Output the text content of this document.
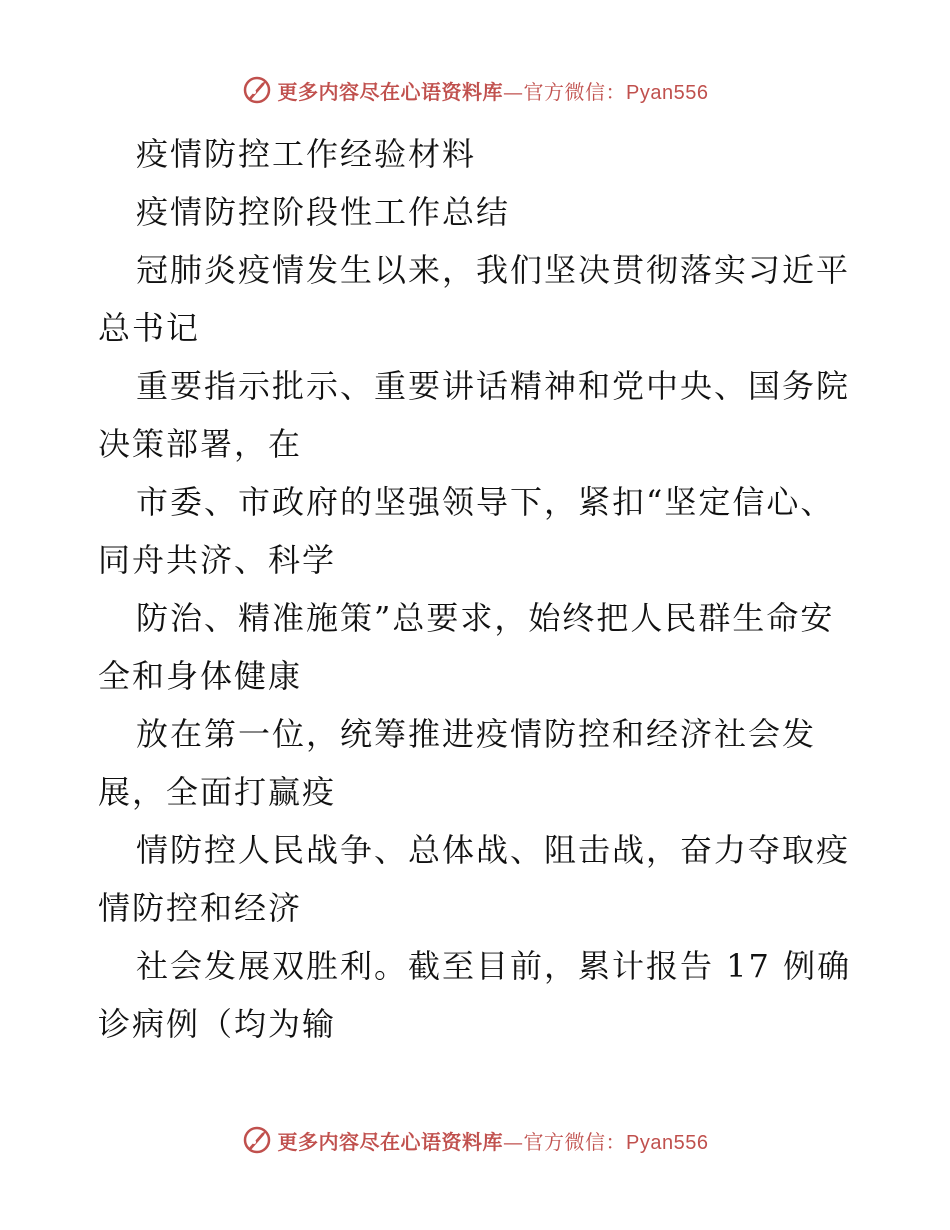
更多内容尽在心语资料库 — 官方微信： Pyan556

疫情防控工作经验材料

疫情防控阶段性工作总结

冠肺炎疫情发生以来，我们坚决贯彻落实习近平总书记

重要指示批示、重要讲话精神和党中央、国务院决策部署，在

市委、市政府的坚强领导下，紧扣“坚定信心、同舟共济、科学

防治、精准施策”总要求，始终把人民群生命安全和身体健康

放在第一位，统筹推进疫情防控和经济社会发展，全面打赢疫

情防控人民战争、总体战、阻击战，奋力夺取疫情防控和经济

社会发展双胜利。截至目前，累计报告 17 例确诊病例（均为输

更多内容尽在心语资料库 — 官方微信： Pyan556
